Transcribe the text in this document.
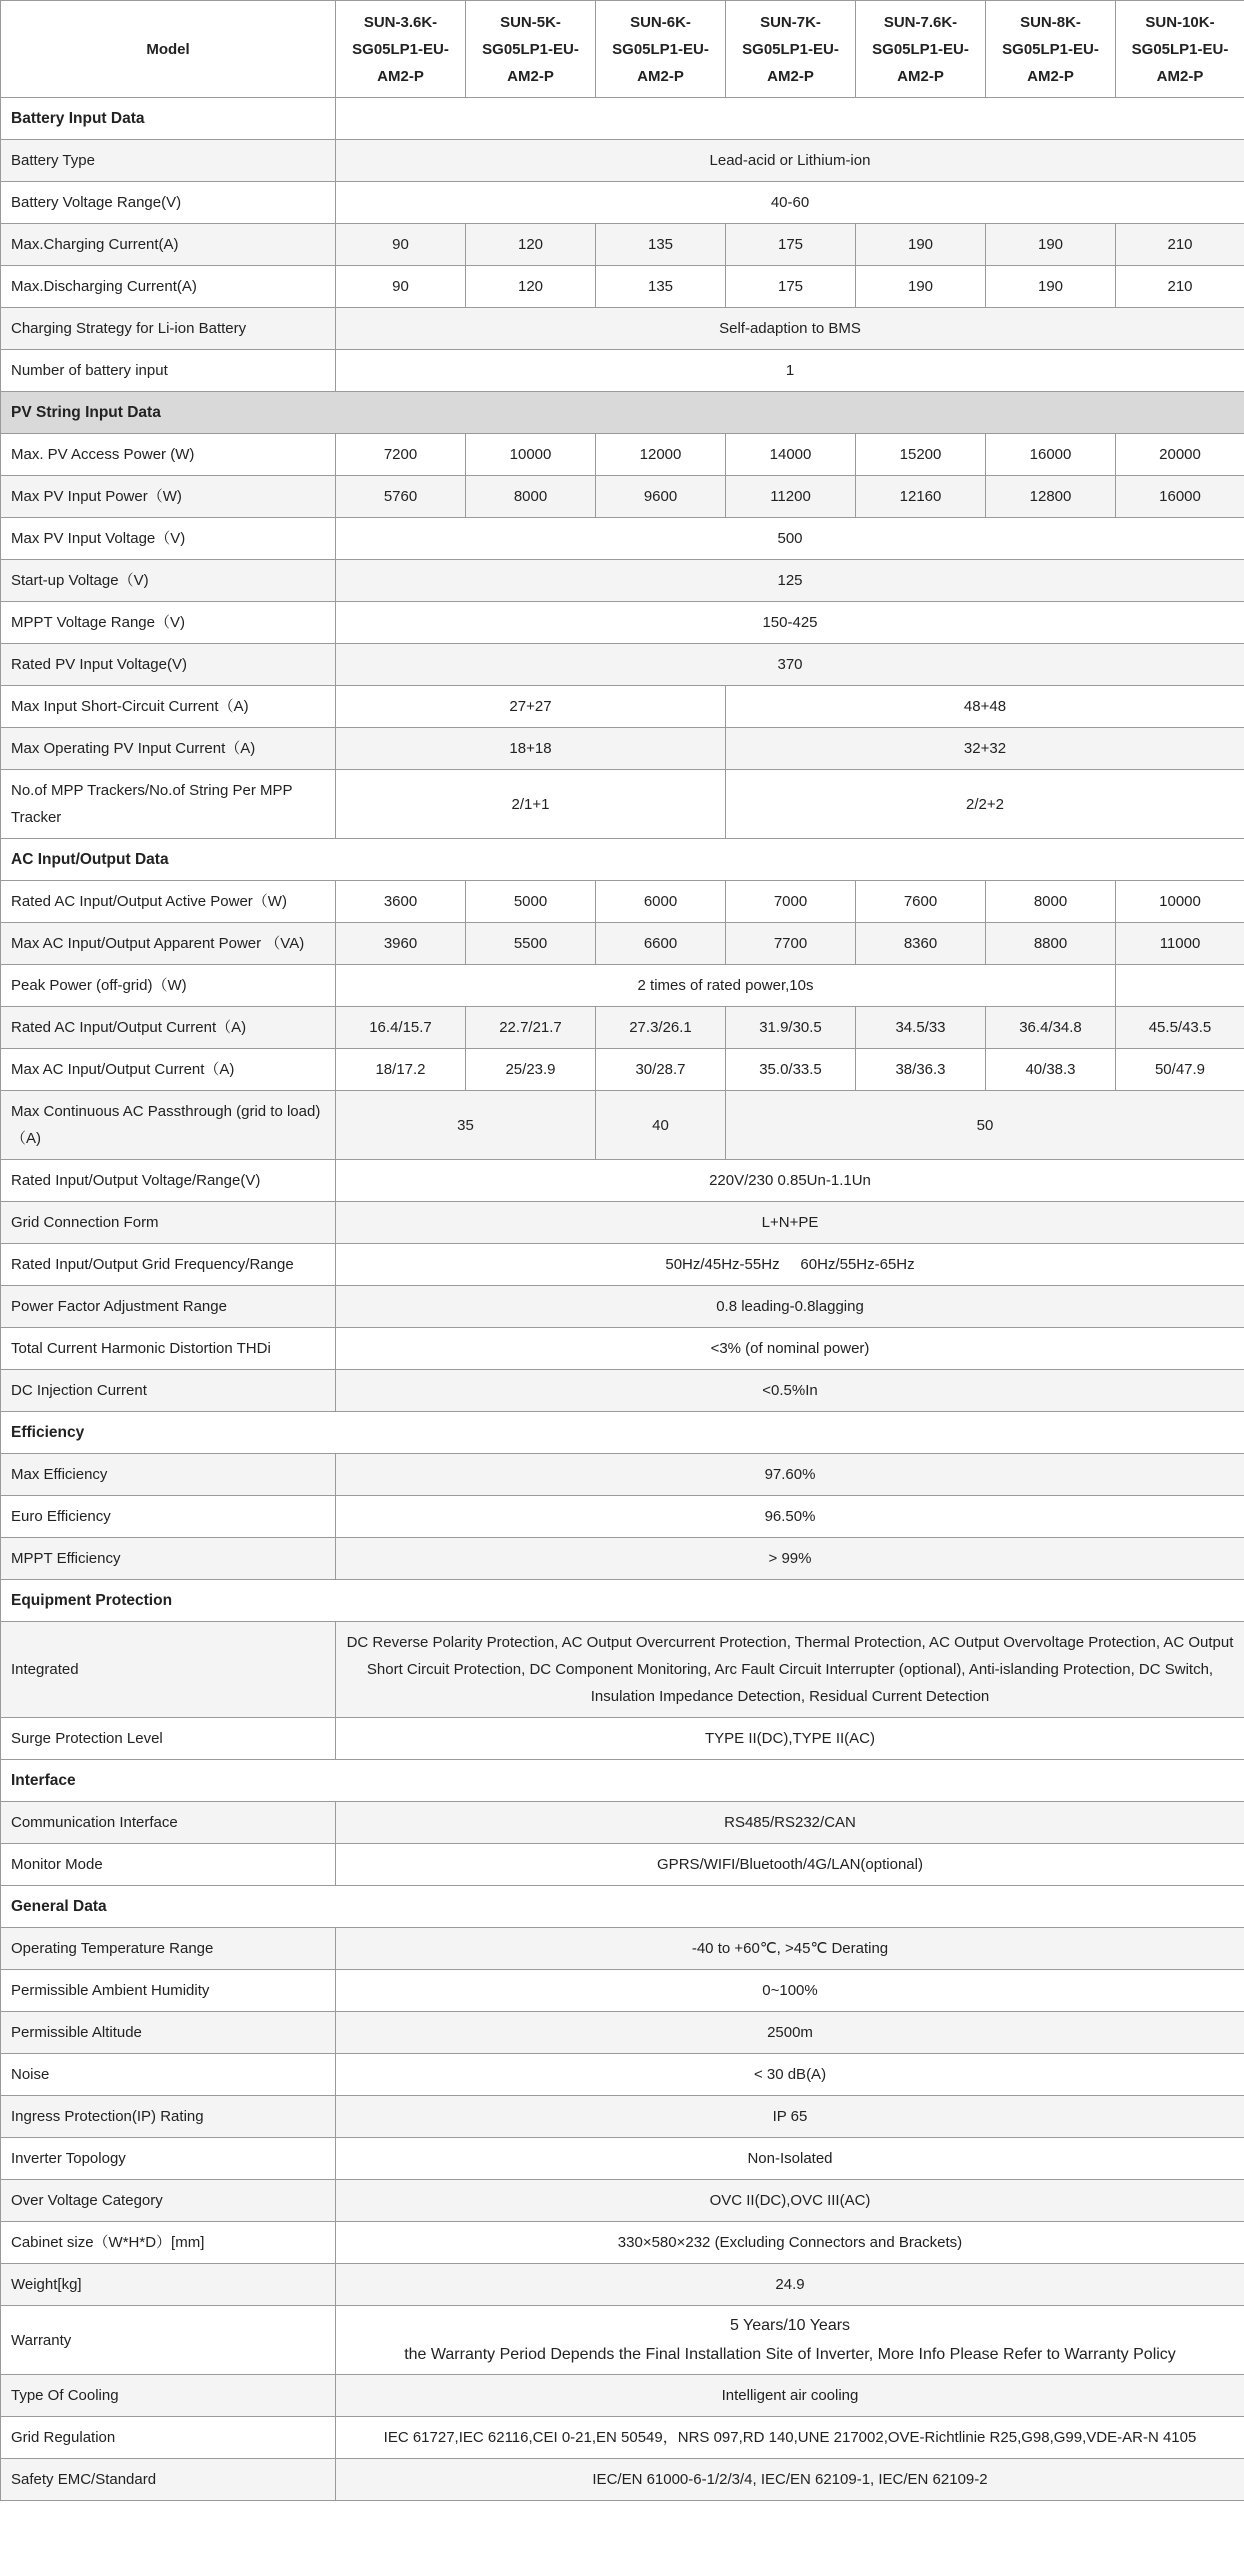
Model	SUN-3.6K-SG05LP1-EU-AM2-P	SUN-5K-SG05LP1-EU-AM2-P	SUN-6K-SG05LP1-EU-AM2-P	SUN-7K-SG05LP1-EU-AM2-P	SUN-7.6K-SG05LP1-EU-AM2-P	SUN-8K-SG05LP1-EU-AM2-P	SUN-10K-SG05LP1-EU-AM2-P
Battery Input Data							
Battery Type	Lead-acid or Lithium-ion						
Battery Voltage Range(V)	40-60						
Max.Charging Current(A)	90	120	135	175	190	190	210
Max.Discharging Current(A)	90	120	135	175	190	190	210
Charging Strategy for Li-ion Battery	Self-adaption to BMS						
Number of battery input	1						
PV String Input Data							
Max. PV Access Power (W)	7200	10000	12000	14000	15200	16000	20000
Max PV Input Power（W)	5760	8000	9600	11200	12160	12800	16000
Max PV Input Voltage（V)	500						
Start-up Voltage（V)	125						
MPPT Voltage Range（V)	150-425						
Rated PV Input Voltage(V)	370						
Max Input Short-Circuit Current（A)	27+27			48+48			
Max Operating PV Input Current（A)	18+18			32+32			
No.of MPP Trackers/No.of String Per MPP Tracker	2/1+1			2/2+2			
AC Input/Output Data							
Rated AC Input/Output Active Power（W)	3600	5000	6000	7000	7600	8000	10000
Max AC Input/Output Apparent Power （VA)	3960	5500	6600	7700	8360	8800	11000
Peak Power (off-grid)（W)	2 times of rated power,10s						
Rated AC Input/Output Current（A)	16.4/15.7	22.7/21.7	27.3/26.1	31.9/30.5	34.5/33	36.4/34.8	45.5/43.5
Max AC Input/Output Current（A)	18/17.2	25/23.9	30/28.7	35.0/33.5	38/36.3	40/38.3	50/47.9
Max Continuous AC Passthrough (grid to load)（A)	35		40	50			
Rated Input/Output Voltage/Range(V)	220V/230 0.85Un-1.1Un						
Grid Connection Form	L+N+PE						
Rated Input/Output Grid Frequency/Range	50Hz/45Hz-55Hz     60Hz/55Hz-65Hz						
Power Factor Adjustment Range	0.8 leading-0.8lagging						
Total Current Harmonic Distortion THDi	<3% (of nominal power)						
DC Injection Current	<0.5%In						
Efficiency							
Max Efficiency	97.60%						
Euro Efficiency	96.50%						
MPPT Efficiency	> 99%						
Equipment Protection							
Integrated	DC Reverse Polarity Protection, AC Output Overcurrent Protection, Thermal Protection, AC Output Overvoltage Protection, AC Output Short Circuit Protection, DC Component Monitoring, Arc Fault Circuit Interrupter (optional), Anti-islanding Protection, DC Switch, Insulation Impedance Detection, Residual Current Detection						
Surge Protection Level	TYPE II(DC),TYPE II(AC)						
Interface							
Communication Interface	RS485/RS232/CAN						
Monitor Mode	GPRS/WIFI/Bluetooth/4G/LAN(optional)						
General Data							
Operating Temperature Range	-40 to +60℃, >45℃ Derating						
Permissible Ambient Humidity	0~100%						
Permissible Altitude	2500m						
Noise	< 30 dB(A)						
Ingress Protection(IP) Rating	IP 65						
Inverter Topology	Non-Isolated						
Over Voltage Category	OVC II(DC),OVC III(AC)						
Cabinet size（W*H*D）[mm]	330×580×232 (Excluding Connectors and Brackets)						
Weight[kg]	24.9						
Warranty	5 Years/10 Years
the Warranty Period Depends the Final Installation Site of Inverter, More Info Please Refer to Warranty Policy						

Type Of Cooling	Intelligent air cooling						
Grid Regulation	IEC 61727,IEC 62116,CEI 0-21,EN 50549，NRS 097,RD 140,UNE 217002,OVE-Richtlinie R25,G98,G99,VDE-AR-N 4105						
Safety EMC/Standard	IEC/EN 61000-6-1/2/3/4, IEC/EN 62109-1, IEC/EN 62109-2						
